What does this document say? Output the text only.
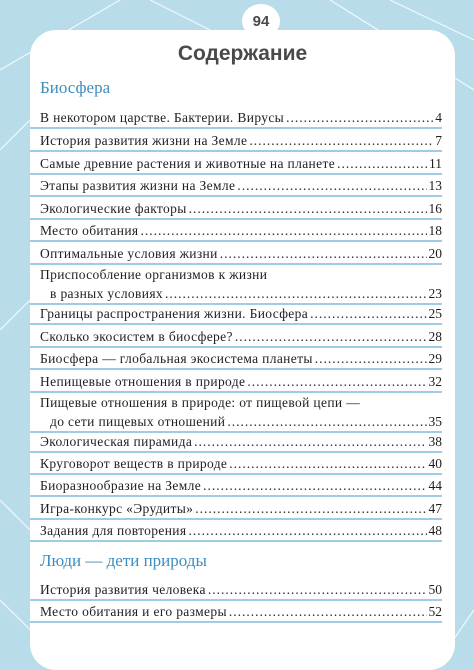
Содержание
Биосфера
В некотором царстве. Бактерии. Вирусы .....	4
История развития жизни на Земле .....	7
Самые древние растения и животные на планете .....	11
Этапы развития жизни на Земле .....	13
Экологические факторы .....	16
Место обитания .....	18
Оптимальные условия жизни .....	20
Приспособление организмов к жизни
в разных условиях .....	23
Границы распространения жизни. Биосфера .....	25
Сколько экосистем в биосфере? .....	28
Биосфера — глобальная экосистема планеты .....	29
Непищевые отношения в природе .....	32
Пищевые отношения в природе: от пищевой цепи —
до сети пищевых отношений .....	35
Экологическая пирамида .....	38
Круговорот веществ в природе .....	40
Биоразнообразие на Земле .....	44
Игра-конкурс «Эрудиты» .....	47
Задания для повторения .....	48
Люди — дети природы
История развития человека .....	50
Место обитания и его размеры .....	52
94
